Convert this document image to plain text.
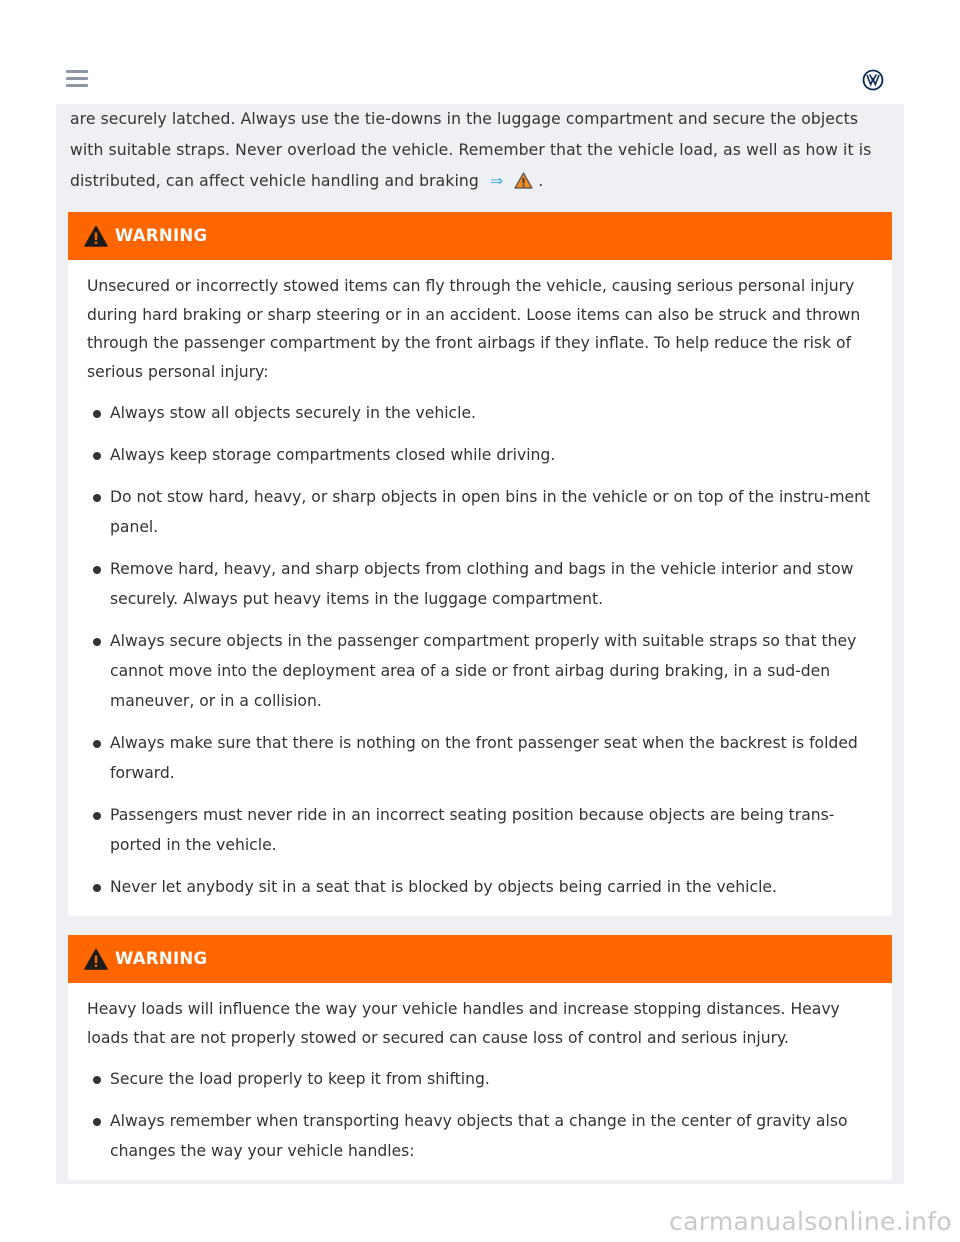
are securely latched. Always use the tie-downs in the luggage compartment and secure the objects with suitable straps. Never overload the vehicle. Remember that the vehicle load, as well as how it is distributed, can affect vehicle handling and braking ⇒ .

WARNING

Unsecured or incorrectly stowed items can fly through the vehicle, causing serious personal injury during hard braking or sharp steering or in an accident. Loose items can also be struck and thrown through the passenger compartment by the front airbags if they inflate. To help reduce the risk of serious personal injury:

Always stow all objects securely in the vehicle.
Always keep storage compartments closed while driving.
Do not stow hard, heavy, or sharp objects in open bins in the vehicle or on top of the instru-ment panel.
Remove hard, heavy, and sharp objects from clothing and bags in the vehicle interior and stow securely. Always put heavy items in the luggage compartment.
Always secure objects in the passenger compartment properly with suitable straps so that they cannot move into the deployment area of a side or front airbag during braking, in a sud-den maneuver, or in a collision.
Always make sure that there is nothing on the front passenger seat when the backrest is folded forward.
Passengers must never ride in an incorrect seating position because objects are being trans-ported in the vehicle.
Never let anybody sit in a seat that is blocked by objects being carried in the vehicle.
WARNING

Heavy loads will influence the way your vehicle handles and increase stopping distances. Heavy loads that are not properly stowed or secured can cause loss of control and serious injury.

Secure the load properly to keep it from shifting.
Always remember when transporting heavy objects that a change in the center of gravity also changes the way your vehicle handles:
carmanualsonline.info
